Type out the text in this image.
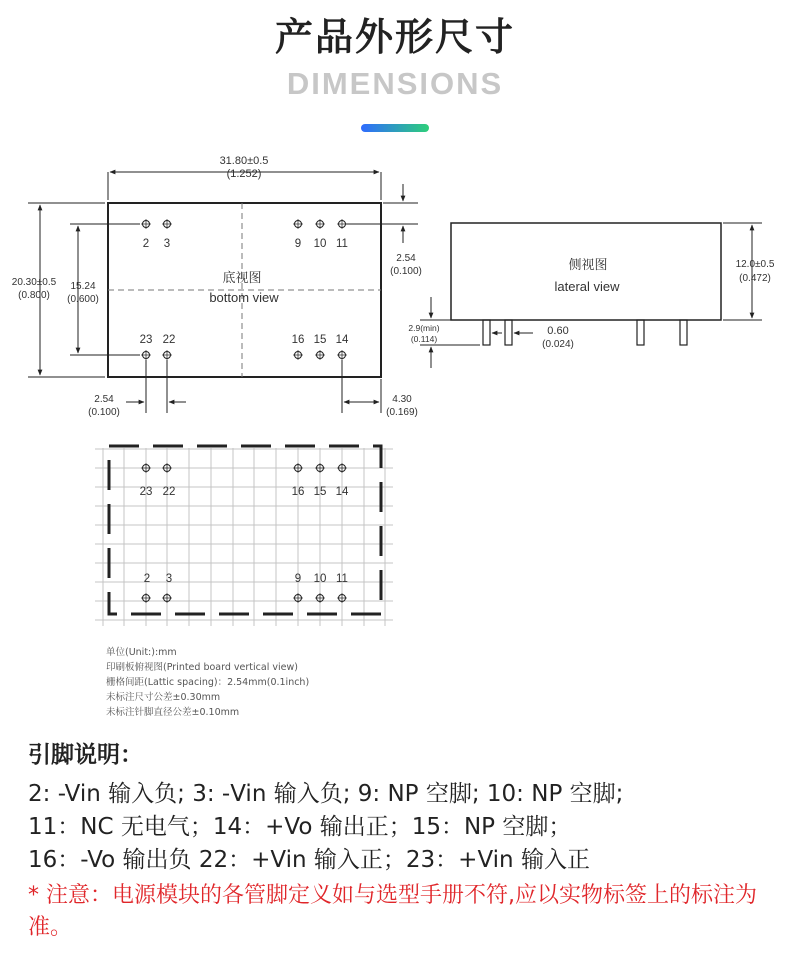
产品外形尺寸
DIMENSIONS
31.80±0.5
(1.252)
20.30±0.5
(0.800)
15.24
(0.600)
2.54
(0.100)
2 3	9 10 11
23 22	16 15 14
底视图
bottom view
2.54
(0.100)
4.30
(0.169)
侧视图
lateral view
12.0±0.5
(0.472)
2.9(min)
(0.114)
0.60
(0.024)
23 22	16 15 14
2 3	9 10 11
单位(Unit:):mm
印刷板俯视图(Printed board vertical view)
栅格间距(Lattic spacing)：2.54mm(0.1inch)
未标注尺寸公差±0.30mm
未标注针脚直径公差±0.10mm
引脚说明：
2: -Vin 输入负; 3: -Vin 输入负; 9: NP 空脚; 10: NP 空脚;
11：NC 无电气；14：+Vo 输出正；15：NP 空脚；
16：-Vo 输出负 22：+Vin 输入正；23：+Vin 输入正
* 注意：电源模块的各管脚定义如与选型手册不符,应以实物标签上的标注为准。
